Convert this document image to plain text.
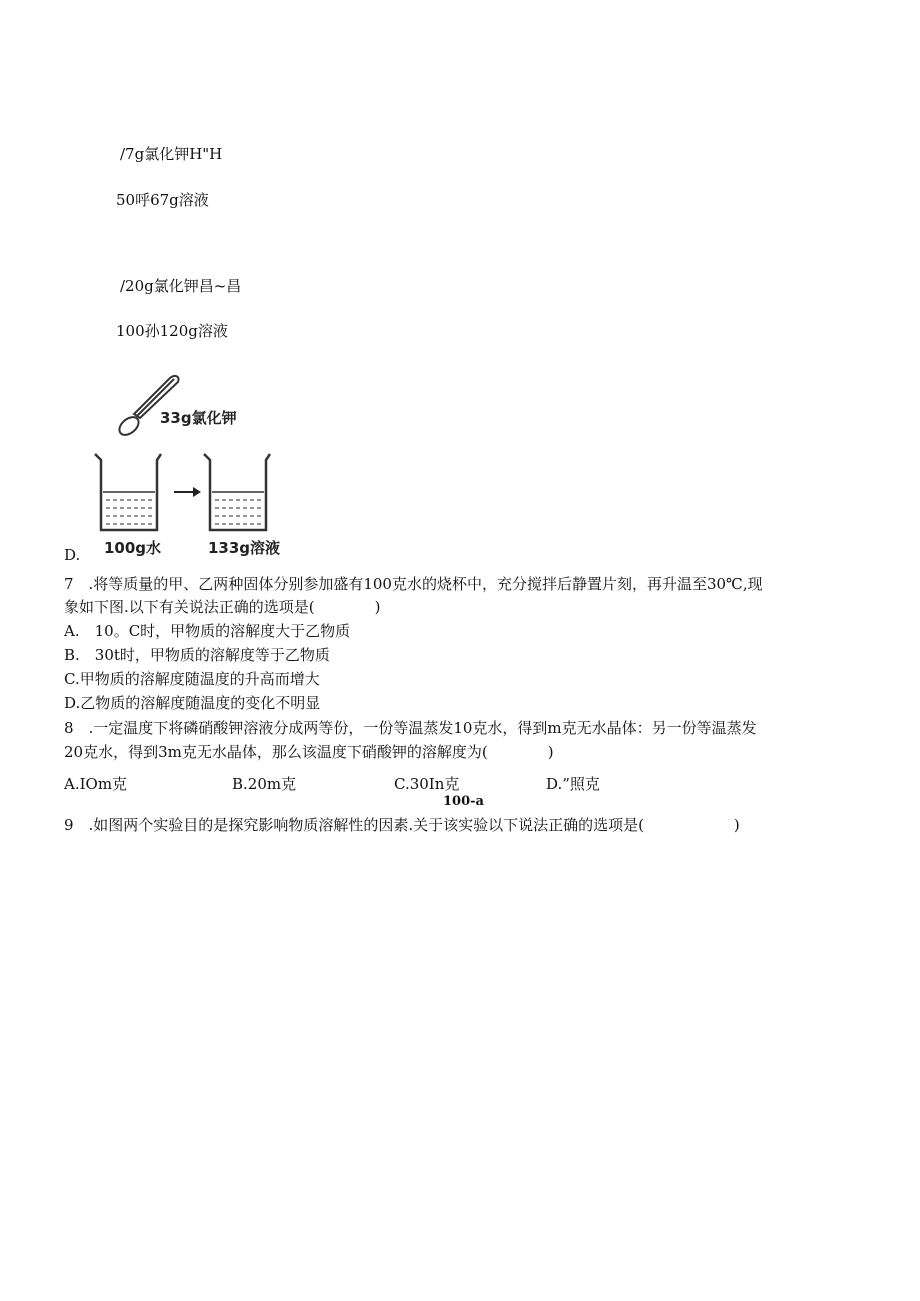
/7g氯化钾H"H
50呼67g溶液
/20g氯化钾昌~昌
100孙120g溶液
33g氯化钾
100g水	133g溶液
D.
7　.将等质量的甲、乙两种固体分别参加盛有100克水的烧杯中，充分搅拌后静置片刻，再升温至30℃,现
象如下图.以下有关说法正确的选项是(　　　　)
A.　10。C时，甲物质的溶解度大于乙物质
B.　30t时，甲物质的溶解度等于乙物质
C.甲物质的溶解度随温度的升高而增大
D.乙物质的溶解度随温度的变化不明显
8　.一定温度下将磷硝酸钾溶液分成两等份，一份等温蒸发10克水，得到m克无水晶体：另一份等温蒸发
20克水，得到3m克无水晶体，那么该温度下硝酸钾的溶解度为(　　　　)
A.IOm克	B.20m克	C.30In克	D.”照克
100-a
9　.如图两个实验目的是探究影响物质溶解性的因素.关于该实验以下说法正确的选项是(　　　　　　)
